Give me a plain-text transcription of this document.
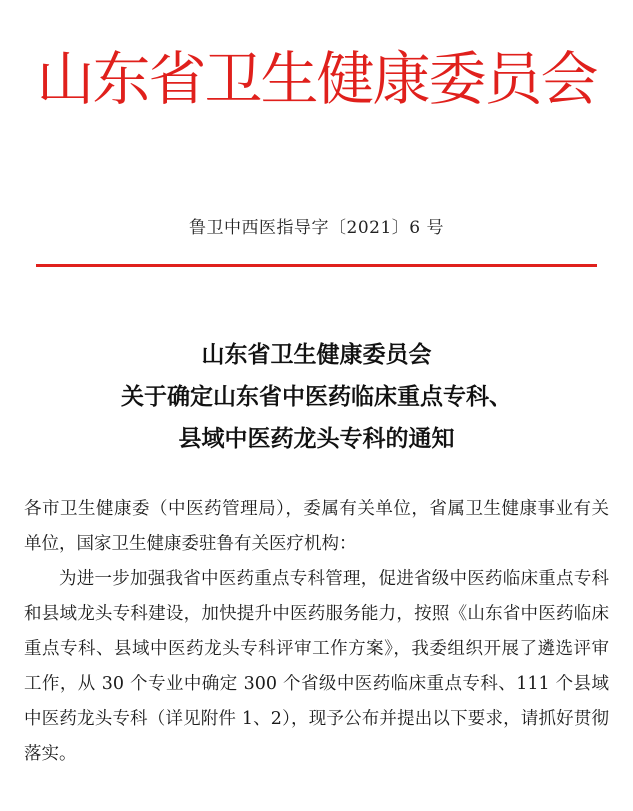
山东省卫生健康委员会
鲁卫中西医指导字〔2021〕6 号
山东省卫生健康委员会
关于确定山东省中医药临床重点专科、
县域中医药龙头专科的通知

各市卫生健康委（中医药管理局），委属有关单位，省属卫生健康事业有关单位，国家卫生健康委驻鲁有关医疗机构：

为进一步加强我省中医药重点专科管理，促进省级中医药临床重点专科和县域龙头专科建设，加快提升中医药服务能力，按照《山东省中医药临床重点专科、县域中医药龙头专科评审工作方案》，我委组织开展了遴选评审工作，从 30 个专业中确定 300 个省级中医药临床重点专科、111 个县域中医药龙头专科（详见附件 1、2），现予公布并提出以下要求，请抓好贯彻落实。
